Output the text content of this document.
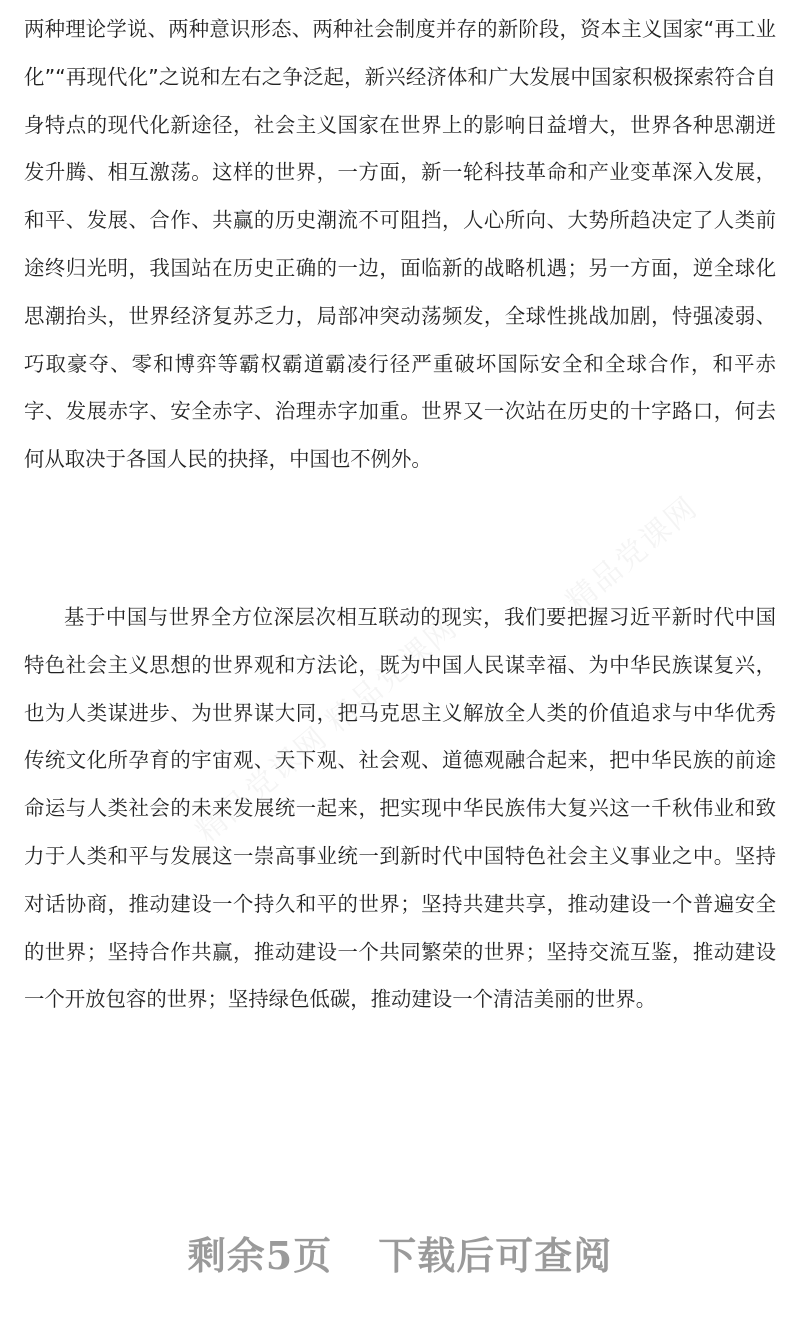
两种理论学说、两种意识形态、两种社会制度并存的新阶段，资本主义国家“再工业化”“再现代化”之说和左右之争泛起，新兴经济体和广大发展中国家积极探索符合自身特点的现代化新途径，社会主义国家在世界上的影响日益增大，世界各种思潮迸发升腾、相互激荡。这样的世界，一方面，新一轮科技革命和产业变革深入发展，和平、发展、合作、共赢的历史潮流不可阻挡，人心所向、大势所趋决定了人类前途终归光明，我国站在历史正确的一边，面临新的战略机遇；另一方面，逆全球化思潮抬头，世界经济复苏乏力，局部冲突动荡频发，全球性挑战加剧，恃强凌弱、巧取豪夺、零和博弈等霸权霸道霸凌行径严重破坏国际安全和全球合作，和平赤字、发展赤字、安全赤字、治理赤字加重。世界又一次站在历史的十字路口，何去何从取决于各国人民的抉择，中国也不例外。

基于中国与世界全方位深层次相互联动的现实，我们要把握习近平新时代中国特色社会主义思想的世界观和方法论，既为中国人民谋幸福、为中华民族谋复兴，也为人类谋进步、为世界谋大同，把马克思主义解放全人类的价值追求与中华优秀传统文化所孕育的宇宙观、天下观、社会观、道德观融合起来，把中华民族的前途命运与人类社会的未来发展统一起来，把实现中华民族伟大复兴这一千秋伟业和致力于人类和平与发展这一崇高事业统一到新时代中国特色社会主义事业之中。坚持对话协商，推动建设一个持久和平的世界；坚持共建共享，推动建设一个普遍安全的世界；坚持合作共赢，推动建设一个共同繁荣的世界；坚持交流互鉴，推动建设一个开放包容的世界；坚持绿色低碳，推动建设一个清洁美丽的世界。

精品党课网
精品党课网
精品党课网
剩余5页 下载后可查阅
